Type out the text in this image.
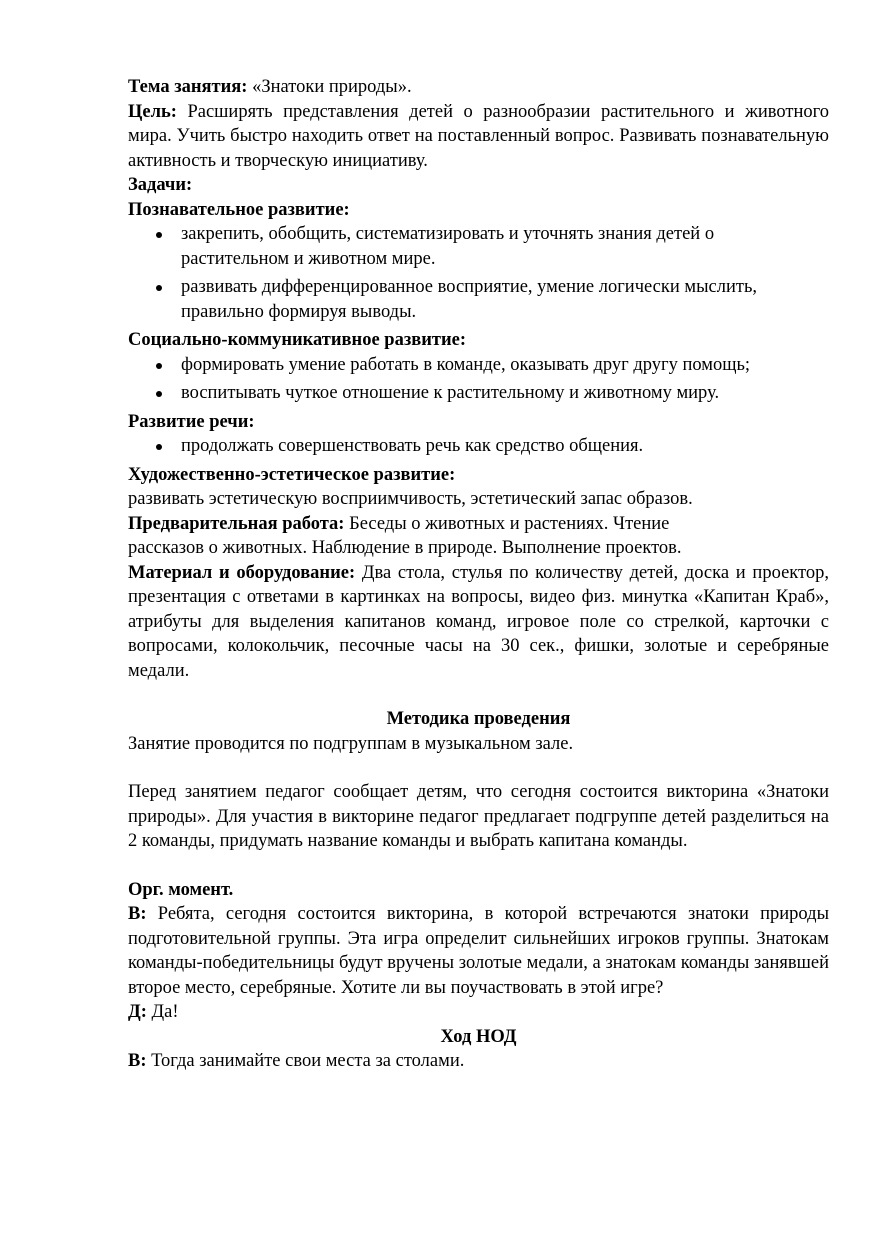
Тема занятия: «Знатоки природы».

Цель: Расширять представления детей о разнообразии растительного и животного мира. Учить быстро находить ответ на поставленный вопрос. Развивать познавательную активность и творческую инициативу.

Задачи:

Познавательное развитие:

закрепить, обобщить, систематизировать и уточнять знания детей о растительном и животном мире.
развивать дифференцированное восприятие, умение логически мыслить, правильно формируя выводы.

Социально-коммуникативное развитие:

формировать умение работать в команде, оказывать друг другу помощь;
воспитывать чуткое отношение к растительному и животному миру.

Развитие речи:

продолжать совершенствовать речь как средство общения.

Художественно-эстетическое развитие:

развивать эстетическую восприимчивость, эстетический запас образов.

Предварительная работа: Беседы о животных и растениях. Чтение

рассказов о животных. Наблюдение в природе. Выполнение проектов.

Материал и оборудование: Два стола, стулья по количеству детей, доска и проектор, презентация с ответами в картинках на вопросы, видео физ. минутка «Капитан Краб», атрибуты для выделения капитанов команд, игровое поле со стрелкой, карточки с вопросами, колокольчик, песочные часы на 30 сек., фишки, золотые и серебряные медали.

Методика проведения

Занятие проводится по подгруппам в музыкальном зале.

Перед занятием педагог сообщает детям, что сегодня состоится викторина «Знатоки природы». Для участия в викторине педагог предлагает подгруппе детей разделиться на 2 команды, придумать название команды и выбрать капитана команды.

Орг. момент.

В: Ребята, сегодня состоится викторина, в которой встречаются знатоки природы подготовительной группы. Эта игра определит сильнейших игроков группы. Знатокам команды-победительницы будут вручены золотые медали, а знатокам команды занявшей второе место, серебряные. Хотите ли вы поучаствовать в этой игре?

Д: Да!

Ход НОД

В: Тогда занимайте свои места за столами.
